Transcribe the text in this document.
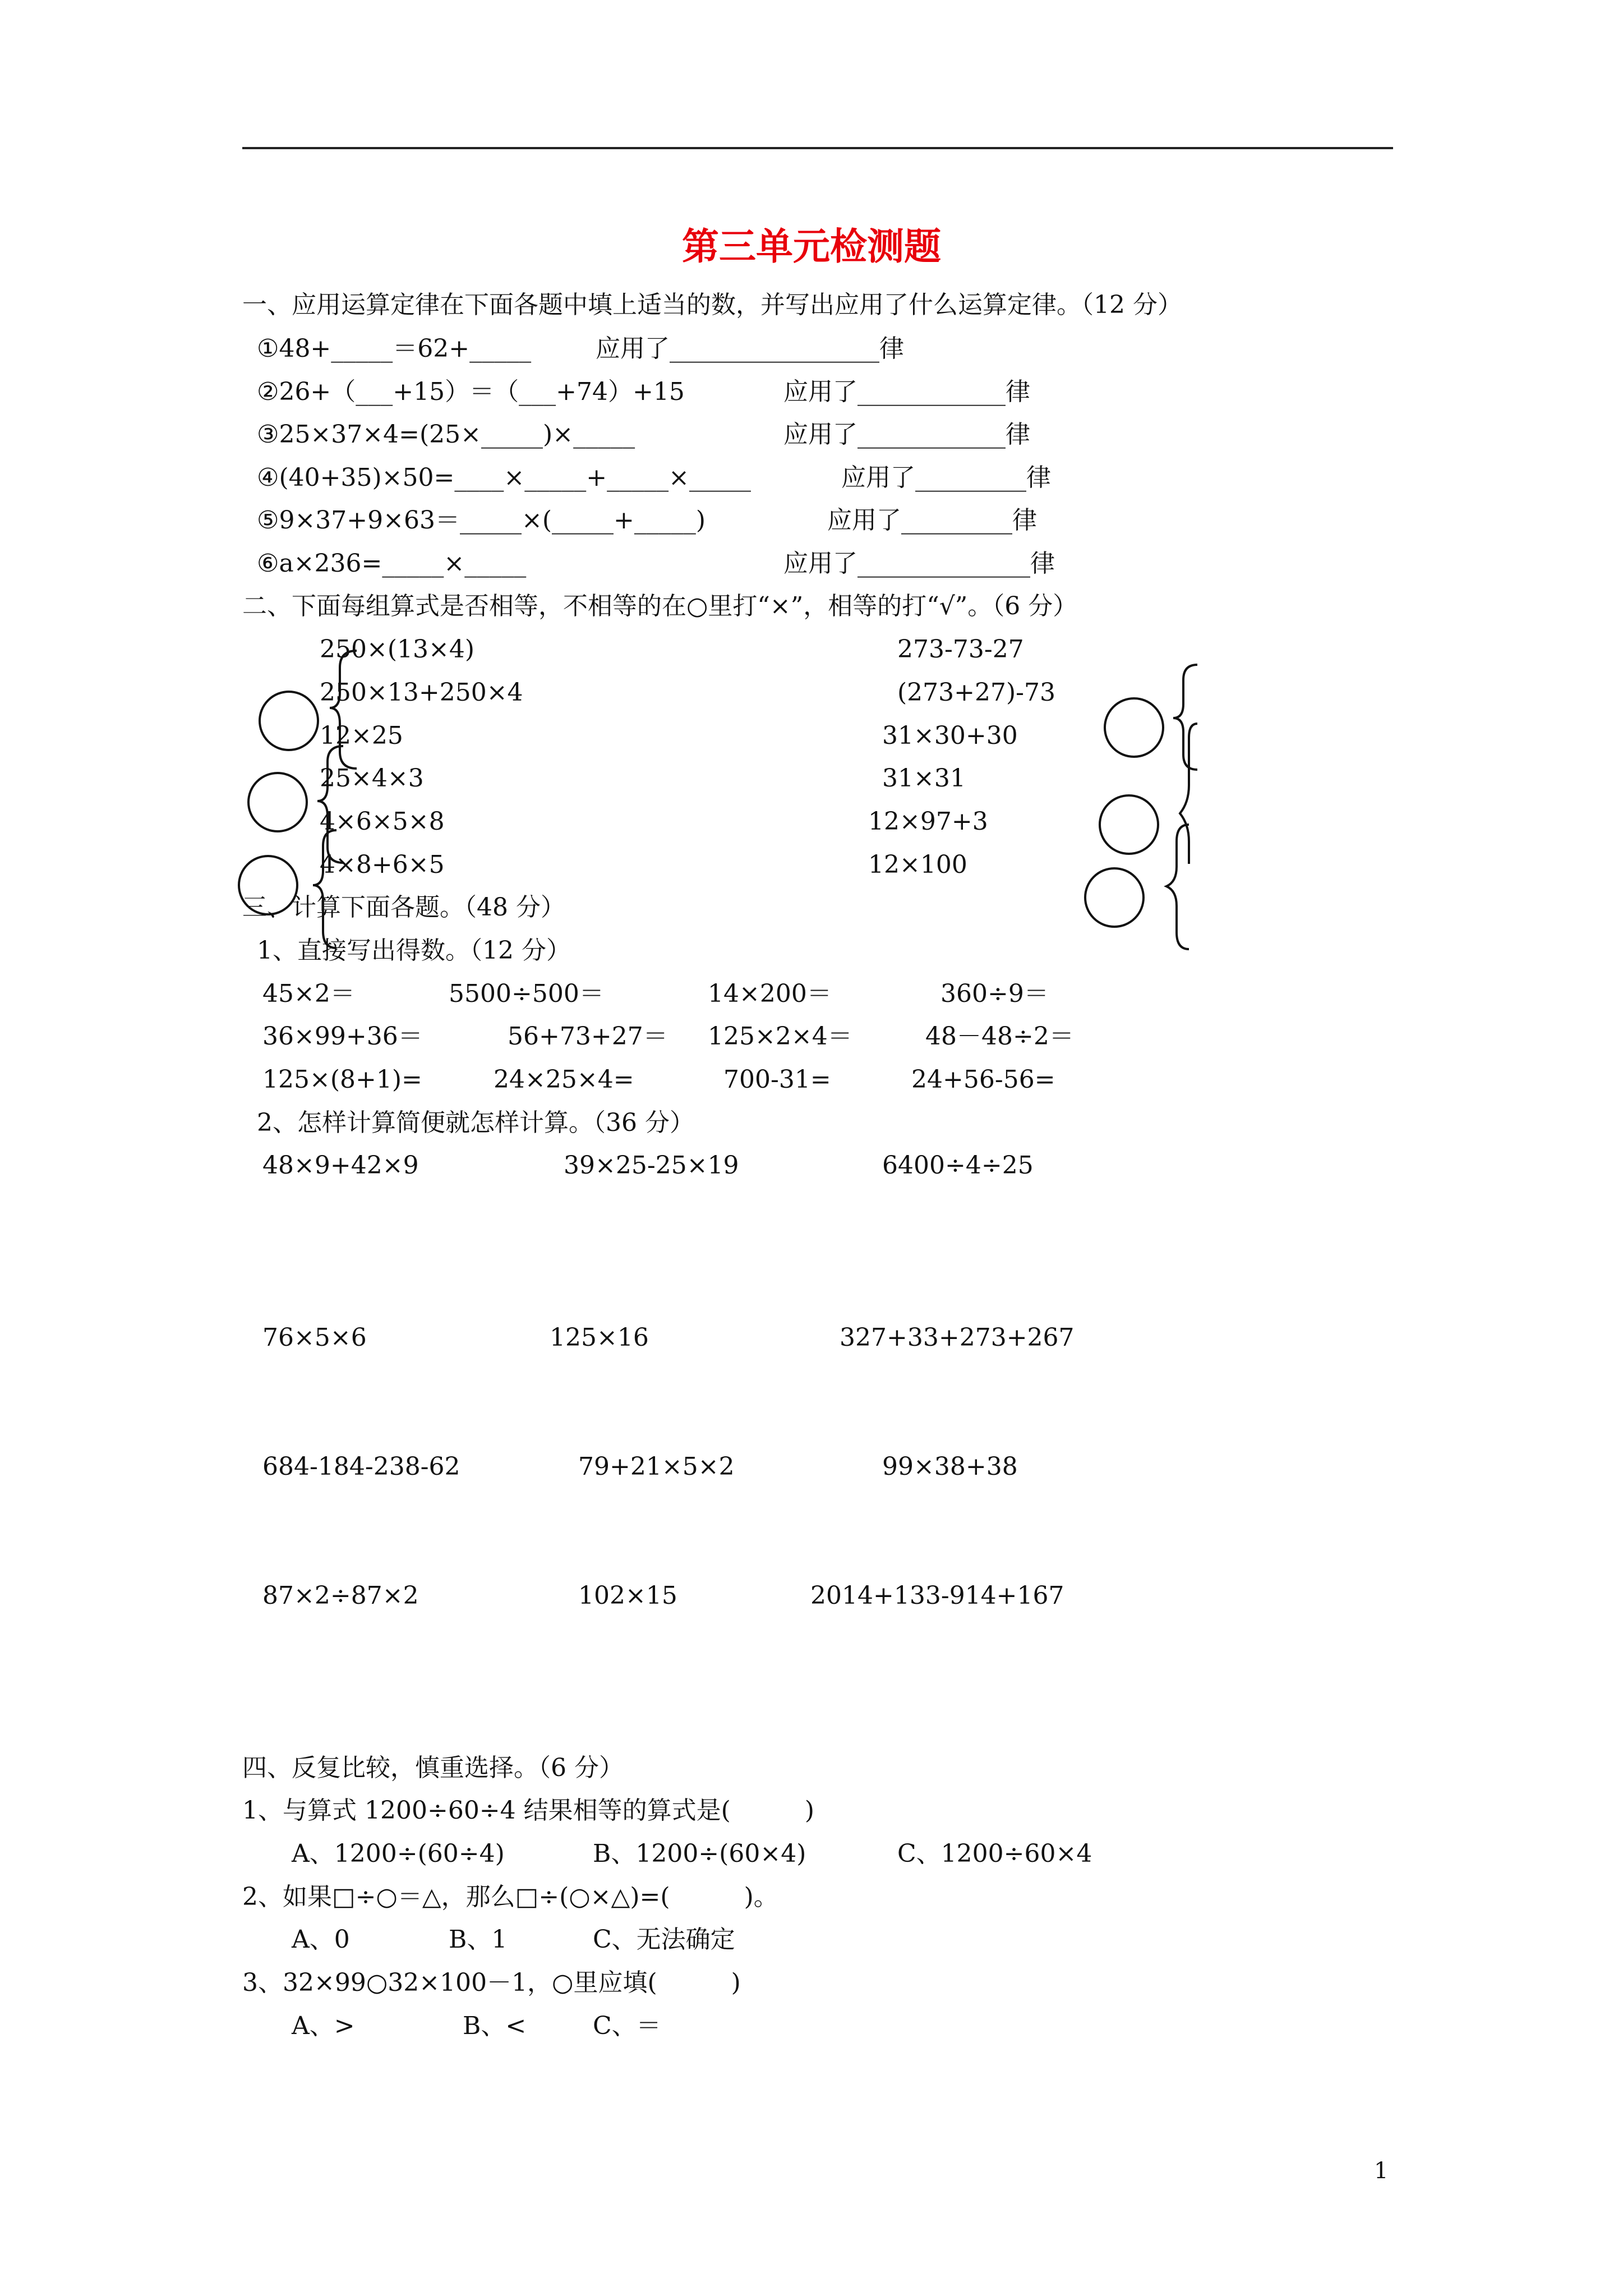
第三单元检测题
一、应用运算定律在下面各题中填上适当的数，并写出应用了什么运算定律。（12 分）
①48+_____＝62+_____	应用了_________________律
②26+（___+15）＝（___+74）+15	应用了____________律
③25×37×4=(25×_____)×_____	应用了____________律
④(40+35)×50=____×_____+_____×_____	应用了_________律
⑤9×37+9×63＝_____×(_____+_____)	应用了_________律
⑥a×236=_____×_____	应用了______________律
二、下面每组算式是否相等，不相等的在○里打“×”，相等的打“√”。（6 分）
250×(13×4)
250×13+250×4
12×25
25×4×3
4×6×5×8
4×8+6×5
273-73-27
(273+27)-73
31×30+30
31×31
12×97+3
12×100
三、计算下面各题。（48 分）
1、直接写出得数。（12 分）
45×2＝	5500÷500＝	14×200＝	360÷9＝
36×99+36＝	56+73+27＝ 125×2×4＝	48－48÷2＝
125×(8+1)=	24×25×4=	700-31=	24+56-56=
2、怎样计算简便就怎样计算。（36 分）
48×9+42×9	39×25-25×19	6400÷4÷25
76×5×6	125×16	327+33+273+267
684-184-238-62	79+21×5×2	99×38+38
87×2÷87×2	102×15	2014+133-914+167
四、反复比较，慎重选择。（6 分）
1、与算式 1200÷60÷4 结果相等的算式是(　　　)
A、1200÷(60÷4)	B、1200÷(60×4)	C、1200÷60×4
2、如果□÷○＝△，那么□÷(○×△)=(　　　)。
A、0	B、1	C、无法确定
3、32×99○32×100－1，○里应填(　　　)
A、>	B、<	C、＝
1
